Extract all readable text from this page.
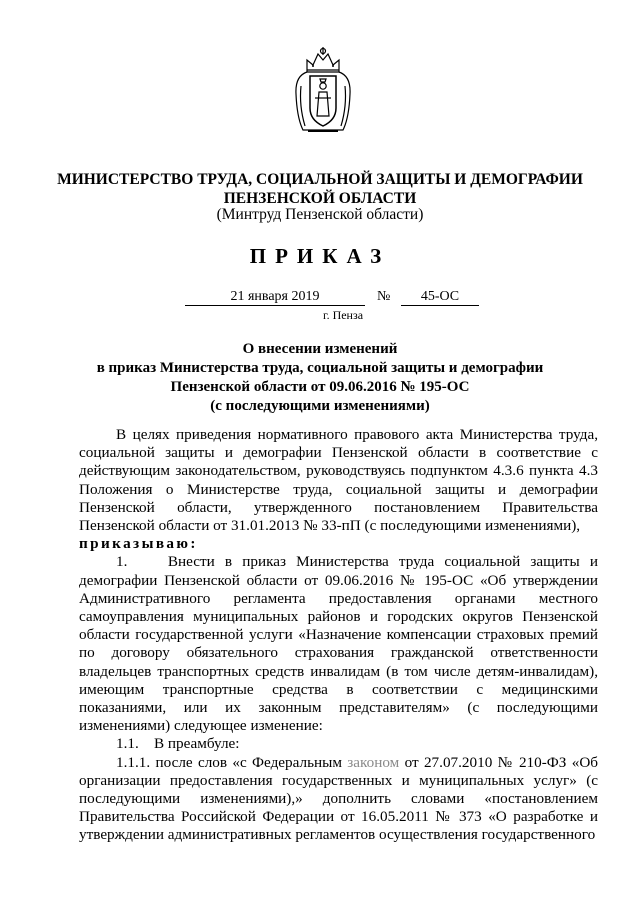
МИНИСТЕРСТВО ТРУДА, СОЦИАЛЬНОЙ ЗАЩИТЫ И ДЕМОГРАФИИ
ПЕНЗЕНСКОЙ ОБЛАСТИ
(Минтруд Пензенской области)
ПРИКАЗ
21 января 2019	№	45-ОС
г. Пенза
О внесении изменений
в приказ Министерства труда, социальной защиты и демографии
Пензенской области от 09.06.2016 № 195-ОС
(с последующими изменениями)

В целях приведения нормативного правового акта Министерства труда, социальной защиты и демографии Пензенской области в соответствие с действующим законодательством, руководствуясь подпунктом 4.3.6 пункта 4.3 Положения о Министерстве труда, социальной защиты и демографии Пензенской области, утвержденного постановлением Правительства Пензенской области от 31.01.2013 № 33-пП (с последующими изменениями),

приказываю:

1.    Внести в приказ Министерства труда социальной защиты и демографии Пензенской области от 09.06.2016 № 195-ОС «Об утверждении Административного регламента предоставления органами местного самоуправления муниципальных районов и городских округов Пензенской области государственной услуги «Назначение компенсации страховых премий по договору обязательного страхования гражданской ответственности владельцев транспортных средств инвалидам (в том числе детям-инвалидам), имеющим транспортные средства в соответствии с медицинскими показаниями, или их законным представителям» (с последующими изменениями) следующее изменение:

1.1.    В преамбуле:

1.1.1. после слов «с Федеральным законом от 27.07.2010 № 210-ФЗ «Об организации предоставления государственных и муниципальных услуг» (с последующими изменениями),» дополнить словами «постановлением Правительства Российской Федерации от 16.05.2011 № 373 «О разработке и утверждении административных регламентов осуществления государственного
